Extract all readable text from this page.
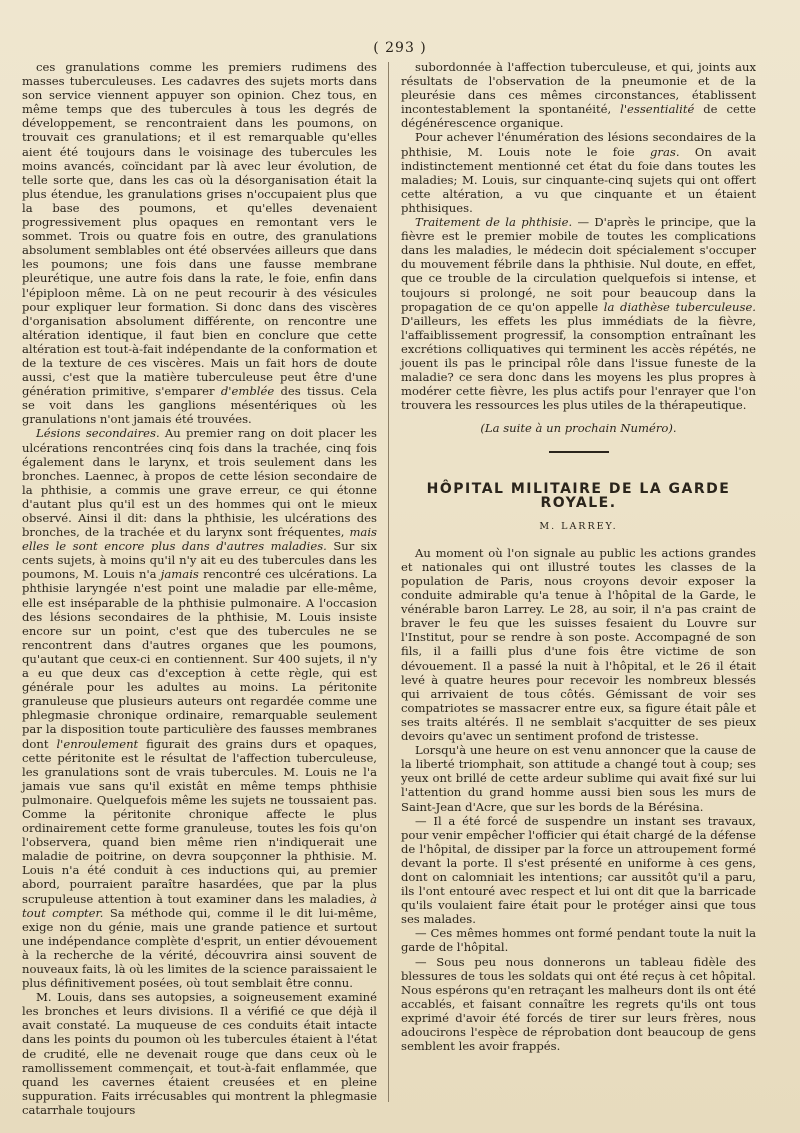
( 293 )

ces granulations comme les premiers rudimens des masses tuberculeuses. Les cadavres des sujets morts dans son service viennent appuyer son opinion. Chez tous, en même temps que des tubercules à tous les degrés de développement, se rencontraient dans les poumons, on trouvait ces granulations; et il est remarquable qu'elles aient été toujours dans le voisinage des tubercules les moins avancés, coïncidant par là avec leur évolution, de telle sorte que, dans les cas où la désorganisation était la plus étendue, les granulations grises n'occupaient plus que la base des poumons, et qu'elles devenaient progressivement plus opaques en remontant vers le sommet. Trois ou quatre fois en outre, des granulations absolument semblables ont été observées ailleurs que dans les poumons; une fois dans une fausse membrane pleurétique, une autre fois dans la rate, le foie, enfin dans l'épiploon même. Là on ne peut recourir à des vésicules pour expliquer leur formation. Si donc dans des viscères d'organisation absolument différente, on rencontre une altération identique, il faut bien en conclure que cette altération est tout-à-fait indépendante de la conformation et de la texture de ces viscères. Mais un fait hors de doute aussi, c'est que la matière tuberculeuse peut être d'une génération primitive, s'emparer d'emblée des tissus. Cela se voit dans les ganglions mésentériques où les granulations n'ont jamais été trouvées.

Lésions secondaires. Au premier rang on doit placer les ulcérations rencontrées cinq fois dans la trachée, cinq fois également dans le larynx, et trois seulement dans les bronches. Laennec, à propos de cette lésion secondaire de la phthisie, a commis une grave erreur, ce qui étonne d'autant plus qu'il est un des hommes qui ont le mieux observé. Ainsi il dit: dans la phthisie, les ulcérations des bronches, de la trachée et du larynx sont fréquentes, mais elles le sont encore plus dans d'autres maladies. Sur six cents sujets, à moins qu'il n'y ait eu des tubercules dans les poumons, M. Louis n'a jamais rencontré ces ulcérations. La phthisie laryngée n'est point une maladie par elle-même, elle est inséparable de la phthisie pulmonaire. A l'occasion des lésions secondaires de la phthisie, M. Louis insiste encore sur un point, c'est que des tubercules ne se rencontrent dans d'autres organes que les poumons, qu'autant que ceux-ci en contiennent. Sur 400 sujets, il n'y a eu que deux cas d'exception à cette règle, qui est générale pour les adultes au moins. La péritonite granuleuse que plusieurs auteurs ont regardée comme une phlegmasie chronique ordinaire, remarquable seulement par la disposition toute particulière des fausses membranes dont l'enroulement figurait des grains durs et opaques, cette péritonite est le résultat de l'affection tuberculeuse, les granulations sont de vrais tubercules. M. Louis ne l'a jamais vue sans qu'il existât en même temps phthisie pulmonaire. Quelquefois même les sujets ne toussaient pas. Comme la péritonite chronique affecte le plus ordinairement cette forme granuleuse, toutes les fois qu'on l'observera, quand bien même rien n'indiquerait une maladie de poitrine, on devra soupçonner la phthisie. M. Louis n'a été conduit à ces inductions qui, au premier abord, pourraient paraître hasardées, que par la plus scrupuleuse attention à tout examiner dans les maladies, à tout compter. Sa méthode qui, comme il le dit lui-même, exige non du génie, mais une grande patience et surtout une indépendance complète d'esprit, un entier dévouement à la recherche de la vérité, découvrira ainsi souvent de nouveaux faits, là où les limites de la science paraissaient le plus définitivement posées, où tout semblait être connu.

M. Louis, dans ses autopsies, a soigneusement examiné les bronches et leurs divisions. Il a vérifié ce que déjà il avait constaté. La muqueuse de ces conduits était intacte dans les points du poumon où les tubercules étaient à l'état de crudité, elle ne devenait rouge que dans ceux où le ramollissement commençait, et tout-à-fait enflammée, que quand les cavernes étaient creusées et en pleine suppuration. Faits irrécusables qui montrent la phlegmasie catarrhale toujours

subordonnée à l'affection tuberculeuse, et qui, joints aux résultats de l'observation de la pneumonie et de la pleurésie dans ces mêmes circonstances, établissent incontestablement la spontanéité, l'essentialité de cette dégénérescence organique.

Pour achever l'énumération des lésions secondaires de la phthisie, M. Louis note le foie gras. On avait indistinctement mentionné cet état du foie dans toutes les maladies; M. Louis, sur cinquante-cinq sujets qui ont offert cette altération, a vu que cinquante et un étaient phthisiques.

Traitement de la phthisie. — D'après le principe, que la fièvre est le premier mobile de toutes les complications dans les maladies, le médecin doit spécialement s'occuper du mouvement fébrile dans la phthisie. Nul doute, en effet, que ce trouble de la circulation quelquefois si intense, et toujours si prolongé, ne soit pour beaucoup dans la propagation de ce qu'on appelle la diathèse tuberculeuse. D'ailleurs, les effets les plus immédiats de la fièvre, l'affaiblissement progressif, la consomption entraînant les excrétions colliquatives qui terminent les accès répétés, ne jouent ils pas le principal rôle dans l'issue funeste de la maladie? ce sera donc dans les moyens les plus propres à modérer cette fièvre, les plus actifs pour l'enrayer que l'on trouvera les ressources les plus utiles de la thérapeutique.

(La suite à un prochain Numéro).

HÔPITAL MILITAIRE DE LA GARDE ROYALE.
M. LARREY.

Au moment où l'on signale au public les actions grandes et nationales qui ont illustré toutes les classes de la population de Paris, nous croyons devoir exposer la conduite admirable qu'a tenue à l'hôpital de la Garde, le vénérable baron Larrey. Le 28, au soir, il n'a pas craint de braver le feu que les suisses fesaient du Louvre sur l'Institut, pour se rendre à son poste. Accompagné de son fils, il a failli plus d'une fois être victime de son dévouement. Il a passé la nuit à l'hôpital, et le 26 il était levé à quatre heures pour recevoir les nombreux blessés qui arrivaient de tous côtés. Gémissant de voir ses compatriotes se massacrer entre eux, sa figure était pâle et ses traits altérés. Il ne semblait s'acquitter de ses pieux devoirs qu'avec un sentiment profond de tristesse.

Lorsqu'à une heure on est venu annoncer que la cause de la liberté triomphait, son attitude a changé tout à coup; ses yeux ont brillé de cette ardeur sublime qui avait fixé sur lui l'attention du grand homme aussi bien sous les murs de Saint-Jean d'Acre, que sur les bords de la Bérésina.

— Il a été forcé de suspendre un instant ses travaux, pour venir empêcher l'officier qui était chargé de la défense de l'hôpital, de dissiper par la force un attroupement formé devant la porte. Il s'est présenté en uniforme à ces gens, dont on calomniait les intentions; car aussitôt qu'il a paru, ils l'ont entouré avec respect et lui ont dit que la barricade qu'ils voulaient faire était pour le protéger ainsi que tous ses malades.

— Ces mêmes hommes ont formé pendant toute la nuit la garde de l'hôpital.

— Sous peu nous donnerons un tableau fidèle des blessures de tous les soldats qui ont été reçus à cet hôpital. Nous espérons qu'en retraçant les malheurs dont ils ont été accablés, et faisant connaître les regrets qu'ils ont tous exprimé d'avoir été forcés de tirer sur leurs frères, nous adoucirons l'espèce de réprobation dont beaucoup de gens semblent les avoir frappés.
